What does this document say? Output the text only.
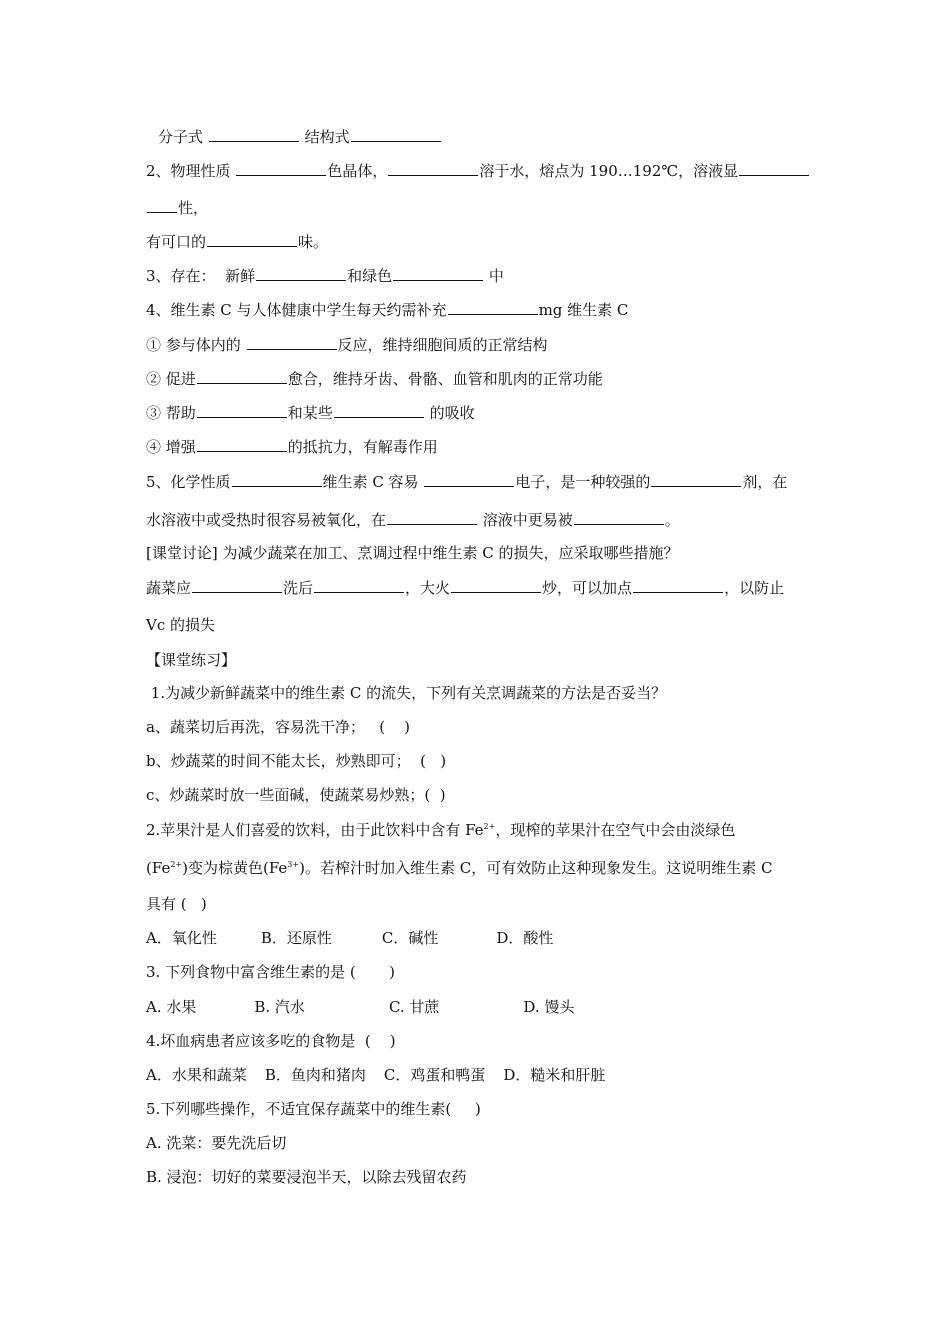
分子式	结构式
2、物理性质	色晶体，	溶于水，熔点为 190…192℃，溶液显
性，
有可口的	味。
3、存在：  新鲜	和绿色	中
4、维生素 C 与人体健康中学生每天约需补充	mg 维生素 C
① 参与体内的	反应，维持细胞间质的正常结构
② 促进	愈合，维持牙齿、骨骼、血管和肌肉的正常功能
③ 帮助	和某些	的吸收
④ 增强	的抵抗力，有解毒作用
5、化学性质	维生素 C 容易	电子，是一种较强的	剂，在
水溶液中或受热时很容易被氧化，在	溶液中更易被	。
[课堂讨论] 为减少蔬菜在加工、烹调过程中维生素 C 的损失，应采取哪些措施？
蔬菜应	洗后	，大火	炒，可以加点	，以防止
Vc 的损失
【课堂练习】
1.为减少新鲜蔬菜中的维生素 C 的流失，下列有关烹调蔬菜的方法是否妥当？
a、蔬菜切后再洗，容易洗干净；   (    )
b、炒蔬菜的时间不能太长，炒熟即可；  (   )
c、炒蔬菜时放一些面碱，使蔬菜易炒熟；(  )
2.苹果汁是人们喜爱的饮料，由于此饮料中含有 $Fe^{2+}$，现榨的苹果汁在空气中会由淡绿色
$(Fe^{2+})$变为棕黄色$(Fe^{3+})$。若榨汁时加入维生素 C，可有效防止这种现象发生。这说明维生素 C
具有 (   )
A．氧化性	B．还原性	C．碱性	D．酸性
3. 下列食物中富含维生素的是 (       )
A. 水果	B. 汽水	C. 甘蔗	D. 馒头
4.坏血病患者应该多吃的食物是  (    )
A．水果和蔬菜 B．鱼肉和猪肉 C．鸡蛋和鸭蛋 D．糙米和肝脏
5.下列哪些操作，不适宜保存蔬菜中的维生素(     )
A. 洗菜：要先洗后切
B. 浸泡：切好的菜要浸泡半天，以除去残留农药
